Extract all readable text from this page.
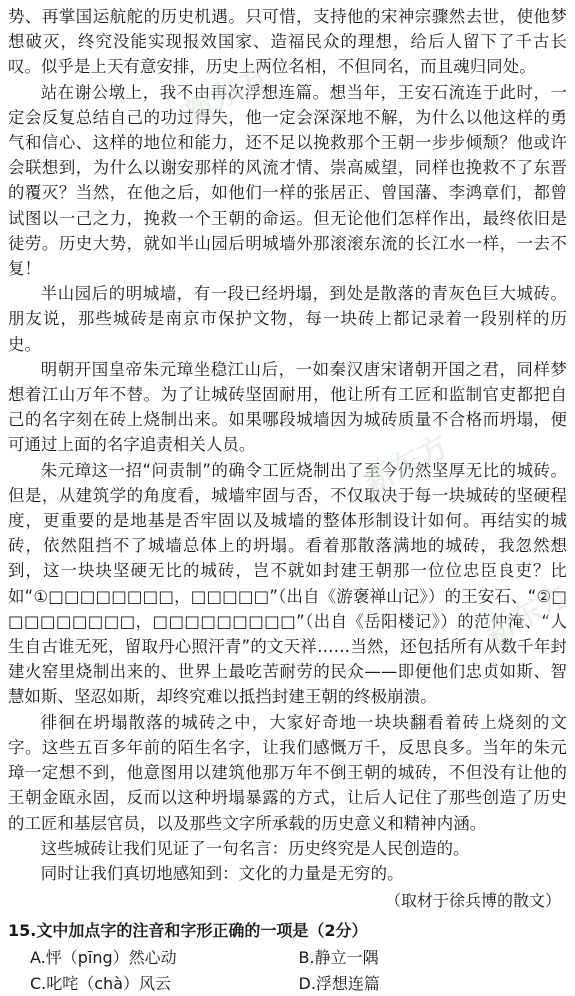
势、再掌国运航舵的历史机遇。只可惜，支持他的宋神宗骤然去世，使他梦想破灭，终究没能实现报效国家、造福民众的理想，给后人留下了千古长叹。似乎是上天有意安排，历史上两位名相，不但同名，而且魂归同处。

站在谢公墩上，我不由再次浮想连篇。想当年，王安石流连于此时，一定会反复总结自己的功过得失，他一定会深深地不解，为什么以他这样的勇气和信心、这样的地位和能力，还不足以挽救那个王朝一步步倾颓？他或许会联想到，为什么以谢安那样的风流才情、崇高威望，同样也挽救不了东晋的覆灭？当然，在他之后，如他们一样的张居正、曾国藩、李鸿章们，都曾试图以一己之力，挽救一个王朝的命运。但无论他们怎样作出，最终依旧是徒劳。历史大势，就如半山园后明城墙外那滚滚东流的长江水一样，一去不复！

半山园后的明城墙，有一段已经坍塌，到处是散落的青灰色巨大城砖。朋友说，那些城砖是南京市保护文物，每一块砖上都记录着一段别样的历史。

明朝开国皇帝朱元璋坐稳江山后，一如秦汉唐宋诸朝开国之君，同样梦想着江山万年不替。为了让城砖坚固耐用，他让所有工匠和监制官吏都把自己的名字刻在砖上烧制出来。如果哪段城墙因为城砖质量不合格而坍塌，便可通过上面的名字追责相关人员。

朱元璋这一招“问责制”的确令工匠烧制出了至今仍然坚厚无比的城砖。但是，从建筑学的角度看，城墙牢固与否，不仅取决于每一块城砖的坚硬程度，更重要的是地基是否牢固以及城墙的整体形制设计如何。再结实的城砖，依然阻挡不了城墙总体上的坍塌。看着那散落满地的城砖，我忽然想到，这一块块坚硬无比的城砖，岂不就如封建王朝那一位位忠臣良吏？比如“①□□□□□□□□，□□□□□”（出自《游褒禅山记》）的王安石、“②□□□□□□□□□，□□□□□□□□□”（出自《岳阳楼记》）的范仲淹、“人生自古谁无死，留取丹心照汗青”的文天祥……当然，还包括所有从数千年封建火窑里烧制出来的、世界上最吃苦耐劳的民众——即便他们忠贞如斯、智慧如斯、坚忍如斯，却终究难以抵挡封建王朝的终极崩溃。

徘徊在坍塌散落的城砖之中，大家好奇地一块块翻看着砖上烧刻的文字。这些五百多年前的陌生名字，让我们感慨万千，反思良多。当年的朱元璋一定想不到，他意图用以建筑他那万年不倒王朝的城砖，不但没有让他的王朝金瓯永固，反而以这种坍塌暴露的方式，让后人记住了那些创造了历史的工匠和基层官员，以及那些文字所承载的历史意义和精神内涵。

这些城砖让我们见证了一句名言：历史终究是人民创造的。

同时让我们真切地感知到：文化的力量是无穷的。

（取材于徐兵博的散文）
15.文中加点字的注音和字形正确的一项是（2分）
A.怦（pīng）然心动	B.静立一隅
C.叱咤（chà）风云	D.浮想连篇
新东方
新东方
新东方
